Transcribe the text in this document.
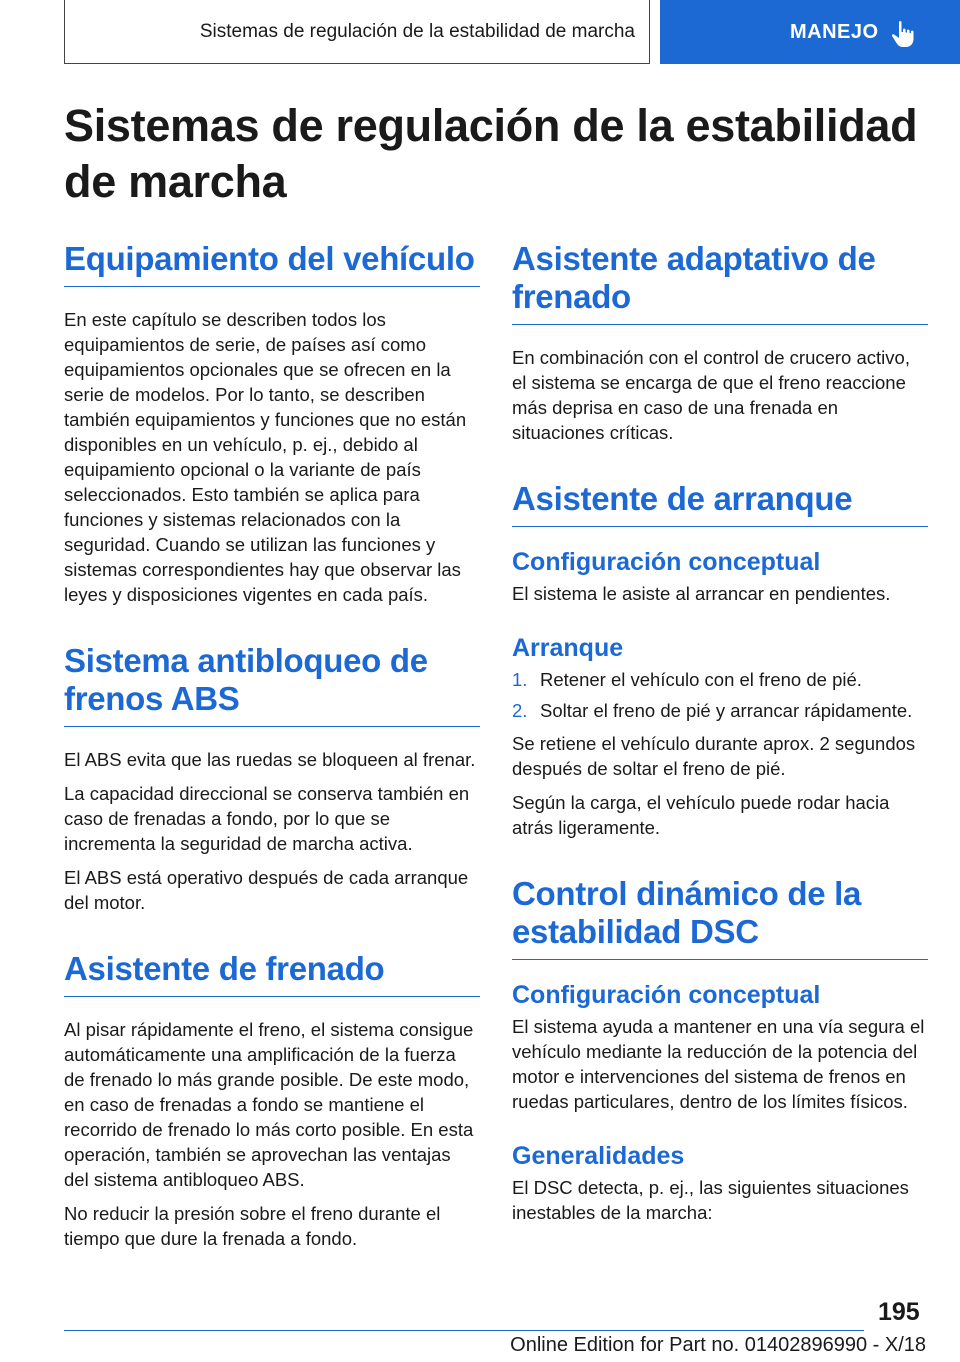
Sistemas de regulación de la estabilidad de marcha	MANEJO
Sistemas de regulación de la estabilidad de marcha
Equipamiento del vehículo

En este capítulo se describen todos los equipamientos de serie, de países así como equipamientos opcionales que se ofrecen en la serie de modelos. Por lo tanto, se describen también equipamientos y funciones que no están disponibles en un vehículo, p. ej., debido al equipamiento opcional o la variante de país seleccionados. Esto también se aplica para funciones y sistemas relacionados con la seguridad. Cuando se utilizan las funciones y sistemas correspondientes hay que observar las leyes y disposiciones vigentes en cada país.

Sistema antibloqueo de frenos ABS

El ABS evita que las ruedas se bloqueen al frenar.

La capacidad direccional se conserva también en caso de frenadas a fondo, por lo que se incrementa la seguridad de marcha activa.

El ABS está operativo después de cada arranque del motor.

Asistente de frenado

Al pisar rápidamente el freno, el sistema consigue automáticamente una amplificación de la fuerza de frenado lo más grande posible. De este modo, en caso de frenadas a fondo se mantiene el recorrido de frenado lo más corto posible. En esta operación, también se aprovechan las ventajas del sistema antibloqueo ABS.

No reducir la presión sobre el freno durante el tiempo que dure la frenada a fondo.

Asistente adaptativo de frenado

En combinación con el control de crucero activo, el sistema se encarga de que el freno reaccione más deprisa en caso de una frenada en situaciones críticas.

Asistente de arranque
Configuración conceptual

El sistema le asiste al arrancar en pendientes.

Arranque
1. Retener el vehículo con el freno de pié.
2. Soltar el freno de pié y arrancar rápidamente.

Se retiene el vehículo durante aprox. 2 segundos después de soltar el freno de pié.

Según la carga, el vehículo puede rodar hacia atrás ligeramente.

Control dinámico de la estabilidad DSC
Configuración conceptual

El sistema ayuda a mantener en una vía segura el vehículo mediante la reducción de la potencia del motor e intervenciones del sistema de frenos en ruedas particulares, dentro de los límites físicos.

Generalidades

El DSC detecta, p. ej., las siguientes situaciones inestables de la marcha:

195
Online Edition for Part no. 01402896990 - X/18
